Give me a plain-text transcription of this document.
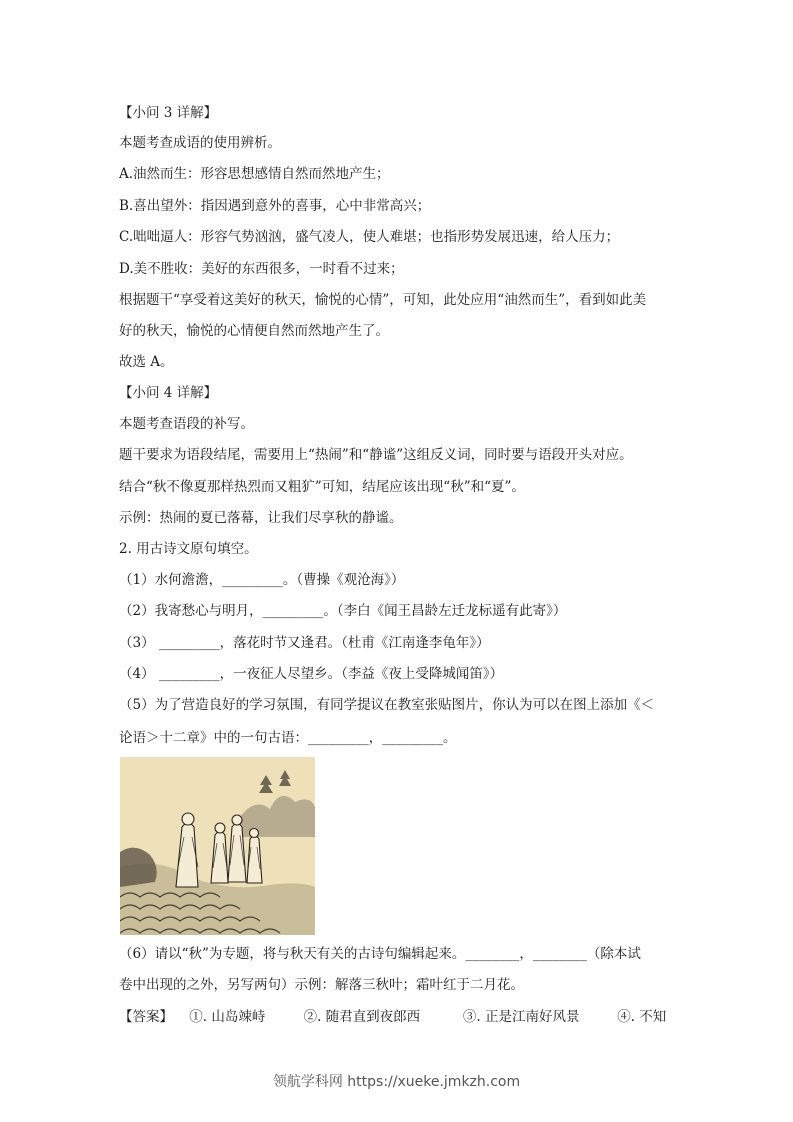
【小问 3 详解】
本题考查成语的使用辨析。
A.油然而生：形容思想感情自然而然地产生；
B.喜出望外：指因遇到意外的喜事，心中非常高兴；
C.咄咄逼人：形容气势汹汹，盛气凌人，使人难堪；也指形势发展迅速，给人压力；
D.美不胜收：美好的东西很多，一时看不过来；
根据题干“享受着这美好的秋天，愉悦的心情”，可知，此处应用“油然而生”，看到如此美
好的秋天，愉悦的心情便自然而然地产生了。
故选 A。
【小问 4 详解】
本题考查语段的补写。
题干要求为语段结尾，需要用上“热闹”和“静谧”这组反义词，同时要与语段开头对应。
结合“秋不像夏那样热烈而又粗犷”可知，结尾应该出现“秋”和“夏”。
示例：热闹的夏已落幕，让我们尽享秋的静谧。
2. 用古诗文原句填空。
（1）水何澹澹，_________。（曹操《观沧海》）
（2）我寄愁心与明月，_________。（李白《闻王昌龄左迁龙标遥有此寄》）
（3） _________，落花时节又逢君。（杜甫《江南逢李龟年》）
（4） _________，一夜征人尽望乡。（李益《夜上受降城闻笛》）
（5）为了营造良好的学习氛围，有同学提议在教室张贴图片，你认为可以在图上添加《＜
论语＞十二章》中的一句古语：_________，_________。
（6）请以“秋”为专题，将与秋天有关的古诗句编辑起来。________，________（除本试
卷中出现的之外，另写两句）示例：解落三秋叶；霜叶红于二月花。
【答案】 ①. 山岛竦峙	②. 随君直到夜郎西	③. 正是江南好风景	④. 不知
领航学科网 https://xueke.jmkzh.com
